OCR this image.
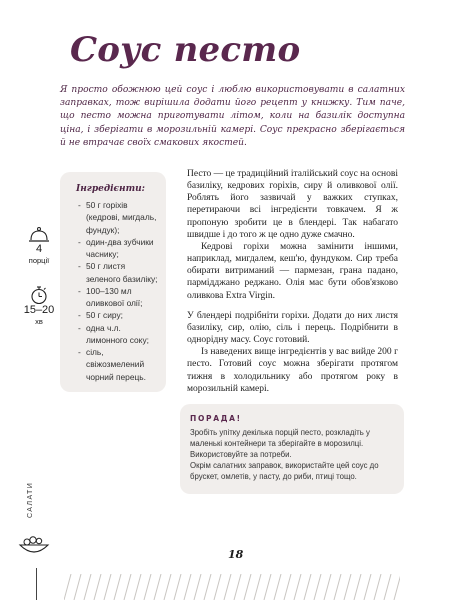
Соус песто

Я просто обожнюю цей соус і люблю використовувати в салатних заправках, тож вирішила додати його рецепт у книжку. Тим паче, що песто можна приготувати літом, коли на базилік доступна ціна, і зберігати в морозильній камері. Соус прекрасно зберігається й не втрачає своїх смакових якостей.

Інгредієнти:
- 50 г горіхів (кедрові, мигдаль, фундук);
- один-два зубчики часнику;
- 50 г листя зеленого базиліку;
- 100–130 мл оливкової олії;
- 50 г сиру;
- одна ч.л. лимонного соку;
- сіль, свіжозмелений чорний перець.
4
порції
15–20
хв

Песто — це традиційний італійський соус на основі базиліку, кедрових горіхів, сиру й оливкової олії. Роблять його зазвичай у важких ступках, перетираючи всі інгредієнти товкачем. Я ж пропоную зробити це в блендері. Так набагато швидше і до того ж це одно дуже смачно.

Кедрові горіхи можна замінити іншими, наприклад, мигдалем, кеш'ю, фундуком. Сир треба обирати витриманий — пармезан, грана падано, пармідджано реджано. Олія мас бути обов'язково оливкова Extra Virgin.

У блендері подрібніти горіхи. Додати до них листя базиліку, сир, олію, сіль і перець. Подрібнити в однорідну масу. Соус готовий.

Із наведених вище інгредієнтів у вас вийде 200 г песто. Готовий соус можна зберігати протягом тижня в холодильнику або протягом року в морозильній камері.

ПОРАДА!

Зробіть упітку декілька порцій песто, розкладіть у маленькі контейнери та зберігайте в морозилці. Використовуйте за потреби.

Окрім салатних заправок, використайте цей соус до брускет, омлетів, у пасту, до риби, птиці тощо.

САЛАТИ
18
